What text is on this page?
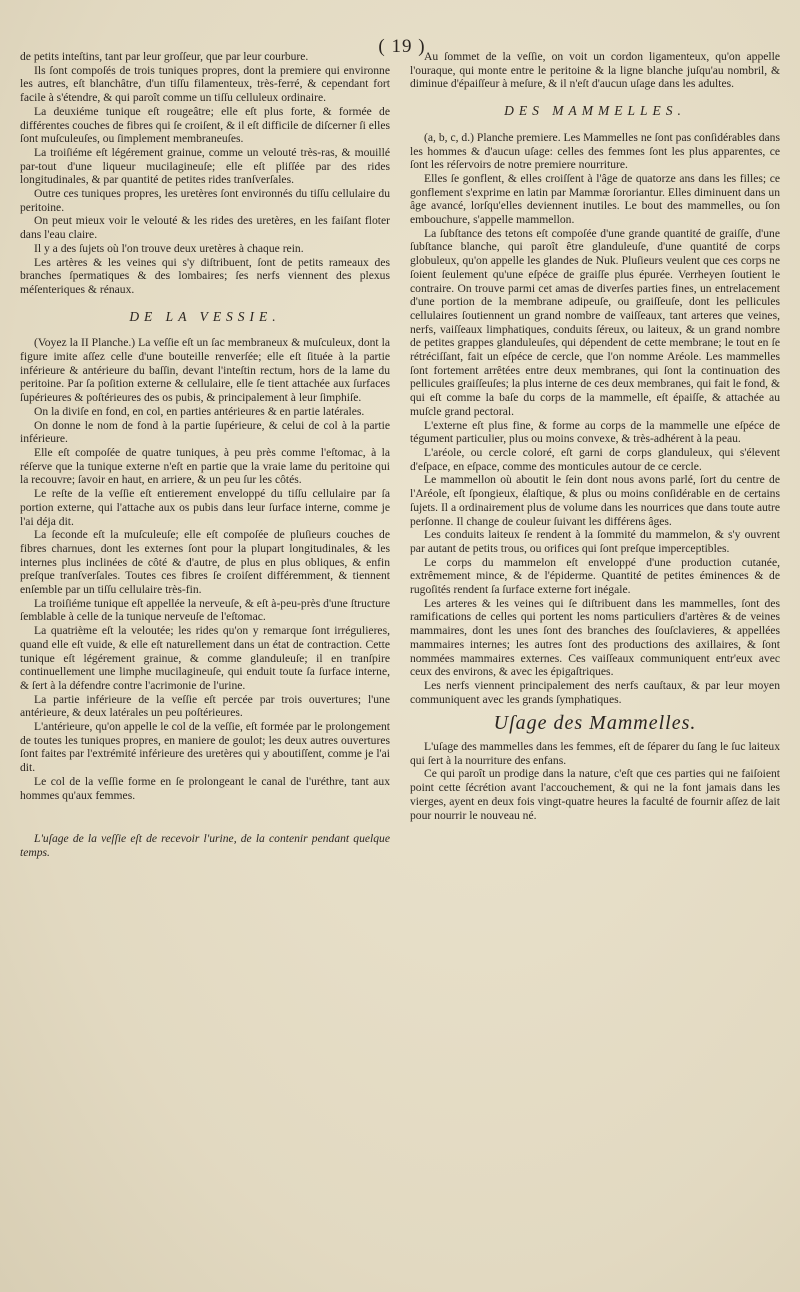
( 19 )

de petits inteſtins, tant par leur groſſeur, que par leur courbure.

Ils ſont compoſés de trois tuniques propres, dont la premiere qui environne les autres, eſt blanchâtre, d'un tiſſu filamenteux, très-ferré, & cependant fort facile à s'étendre, & qui paroît comme un tiſſu celluleux ordinaire.

La deuxiéme tunique eſt rougeâtre; elle eſt plus forte, & formée de différentes couches de fibres qui ſe croiſent, & il eſt difficile de diſcerner ſi elles ſont muſculeuſes, ou ſimplement membraneuſes.

La troiſiéme eſt légérement grainue, comme un velouté très-ras, & mouillé par-tout d'une liqueur mucilagineuſe; elle eſt pliſſée par des rides longitudinales, & par quantité de petites rides tranſverſales.

Outre ces tuniques propres, les uretères ſont environnés du tiſſu cellulaire du peritoine.

On peut mieux voir le velouté & les rides des uretères, en les faiſant floter dans l'eau claire.

Il y a des ſujets où l'on trouve deux uretères à chaque rein.

Les artères & les veines qui s'y diſtribuent, ſont de petits rameaux des branches ſpermatiques & des lombaires; ſes nerfs viennent des plexus méſenteriques & rénaux.

DE LA VESSIE.

(Voyez la II Planche.) La veſſie eſt un ſac membraneux & muſculeux, dont la figure imite aſſez celle d'une bouteille renverſée; elle eſt ſituée à la partie inférieure & antérieure du baſſin, devant l'inteſtin rectum, hors de la lame du peritoine. Par ſa poſition externe & cellulaire, elle ſe tient attachée aux ſurfaces ſupérieures & poſtérieures des os pubis, & principalement à leur ſimphiſe.

On la diviſe en fond, en col, en parties antérieures & en partie latérales.

On donne le nom de fond à la partie ſupérieure, & celui de col à la partie inférieure.

Elle eſt compoſée de quatre tuniques, à peu près comme l'eſtomac, à la réſerve que la tunique externe n'eſt en partie que la vraie lame du peritoine qui la recouvre; ſavoir en haut, en arriere, & un peu ſur les côtés.

Le reſte de la veſſie eſt entierement enveloppé du tiſſu cellulaire par ſa portion externe, qui l'attache aux os pubis dans leur ſurface interne, comme je l'ai déja dit.

La ſeconde eſt la muſculeuſe; elle eſt compoſée de pluſieurs couches de fibres charnues, dont les externes ſont pour la plupart longitudinales, & les internes plus inclinées de côté & d'autre, de plus en plus obliques, & enfin preſque tranſverſales. Toutes ces fibres ſe croiſent différemment, & tiennent enſemble par un tiſſu cellulaire très-fin.

La troiſiéme tunique eſt appellée la nerveuſe, & eſt à-peu-près d'une ſtructure ſemblable à celle de la tunique nerveuſe de l'eſtomac.

La quatrième eſt la veloutée; les rides qu'on y remarque ſont irrégulieres, quand elle eſt vuide, & elle eſt naturellement dans un état de contraction. Cette tunique eſt légérement grainue, & comme glanduleuſe; il en tranſpire continuellement une limphe mucilagineuſe, qui enduit toute ſa ſurface interne, & ſert à la défendre contre l'acrimonie de l'urine.

La partie inférieure de la veſſie eſt percée par trois ouvertures; l'une antérieure, & deux latérales un peu poſtérieures.

L'antérieure, qu'on appelle le col de la veſſie, eſt formée par le prolongement de toutes les tuniques propres, en maniere de goulot; les deux autres ouvertures ſont faites par l'extrémité inférieure des uretères qui y aboutiſſent, comme je l'ai dit.

Le col de la veſſie forme en ſe prolongeant le canal de l'uréthre, tant aux hommes qu'aux femmes.

L'uſage de la veſſie eſt de recevoir l'urine, de la contenir pendant quelque temps.

Au ſommet de la veſſie, on voit un cordon ligamenteux, qu'on appelle l'ouraque, qui monte entre le peritoine & la ligne blanche juſqu'au nombril, & diminue d'épaiſſeur à meſure, & il n'eſt d'aucun uſage dans les adultes.

DES MAMMELLES.

(a, b, c, d.) Planche premiere. Les Mammelles ne ſont pas conſidérables dans les hommes & d'aucun uſage: celles des femmes ſont les plus apparentes, ce ſont les réſervoirs de notre premiere nourriture.

Elles ſe gonflent, & elles croiſſent à l'âge de quatorze ans dans les filles; ce gonflement s'exprime en latin par Mammæ ſororiantur. Elles diminuent dans un âge avancé, lorſqu'elles deviennent inutiles. Le bout des mammelles, ou ſon embouchure, s'appelle mammellon.

La ſubſtance des tetons eſt compoſée d'une grande quantité de graiſſe, d'une ſubſtance blanche, qui paroît être glanduleuſe, d'une quantité de corps globuleux, qu'on appelle les glandes de Nuk. Pluſieurs veulent que ces corps ne ſoient ſeulement qu'une eſpéce de graiſſe plus épurée. Verrheyen ſoutient le contraire. On trouve parmi cet amas de diverſes parties fines, un entrelacement d'une portion de la membrane adipeuſe, ou graiſſeuſe, dont les pellicules cellulaires ſoutiennent un grand nombre de vaiſſeaux, tant arteres que veines, nerfs, vaiſſeaux limphatiques, conduits ſéreux, ou laiteux, & un grand nombre de petites grappes glanduleuſes, qui dépendent de cette membrane; le tout en ſe rétréciſſant, fait un eſpéce de cercle, que l'on nomme Aréole. Les mammelles ſont fortement arrêtées entre deux membranes, qui ſont la continuation des pellicules graiſſeuſes; la plus interne de ces deux membranes, qui fait le fond, & qui eſt comme la baſe du corps de la mammelle, eſt épaiſſe, & attachée au muſcle grand pectoral.

L'externe eſt plus fine, & forme au corps de la mammelle une eſpéce de tégument particulier, plus ou moins convexe, & très-adhérent à la peau.

L'aréole, ou cercle coloré, eſt garni de corps glanduleux, qui s'élevent d'eſpace, en eſpace, comme des monticules autour de ce cercle.

Le mammellon où aboutit le ſein dont nous avons parlé, ſort du centre de l'Aréole, eſt ſpongieux, élaſtique, & plus ou moins conſidérable en de certains ſujets. Il a ordinairement plus de volume dans les nourrices que dans toute autre perſonne. Il change de couleur ſuivant les différens âges.

Les conduits laiteux ſe rendent à la ſommité du mammelon, & s'y ouvrent par autant de petits trous, ou orifices qui ſont preſque imperceptibles.

Le corps du mammelon eſt enveloppé d'une production cutanée, extrêmement mince, & de l'épiderme. Quantité de petites éminences & de rugoſités rendent ſa ſurface externe fort inégale.

Les arteres & les veines qui ſe diſtribuent dans les mammelles, ſont des ramifications de celles qui portent les noms particuliers d'artères & de veines mammaires, dont les unes ſont des branches des ſouſclavieres, & appellées mammaires internes; les autres ſont des productions des axillaires, & ſont nommées mammaires externes. Ces vaiſſeaux communiquent entr'eux avec ceux des environs, & avec les épigaſtriques.

Les nerfs viennent principalement des nerfs cauſtaux, & par leur moyen communiquent avec les grands ſymphatiques.

Uſage des Mammelles.

L'uſage des mammelles dans les femmes, eſt de ſéparer du ſang le ſuc laiteux qui ſert à la nourriture des enfans.

Ce qui paroît un prodige dans la nature, c'eſt que ces parties qui ne faiſoient point cette ſécrétion avant l'accouchement, & qui ne la font jamais dans les vierges, ayent en deux fois vingt-quatre heures la faculté de fournir aſſez de lait pour nourrir le nouveau né.
